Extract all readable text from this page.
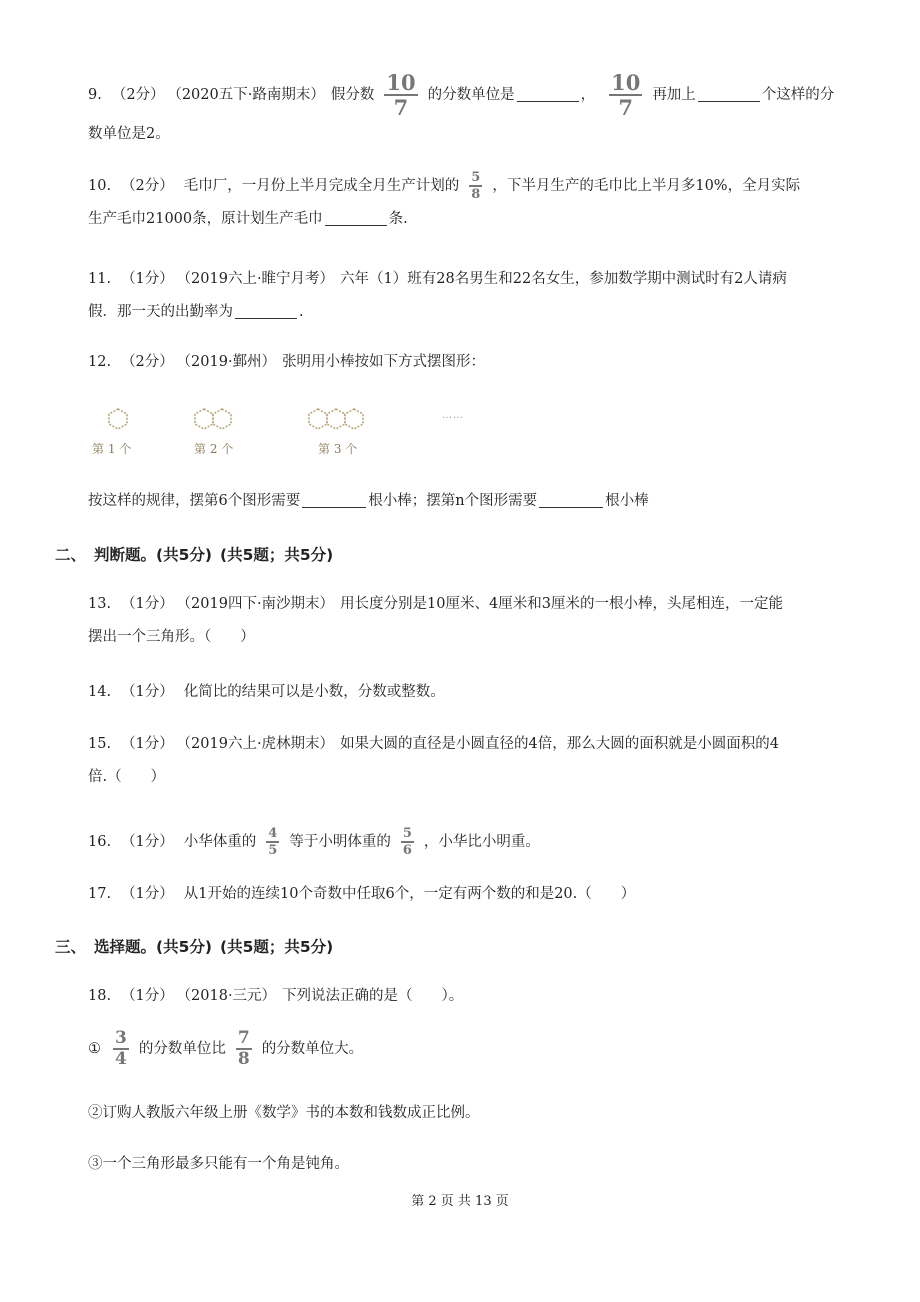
9. （2分） （2020五下·路南期末） 假分数 $\frac{10}{7}$ 的分数单位是	， $\frac{10}{7}$ 再加上	个这样的分

数单位是2。

10. （2分） 毛巾厂，一月份上半月完成全月生产计划的 $\frac{5}{8}$ ，下半月生产的毛巾比上半月多10%，全月实际

生产毛巾21000条，原计划生产毛巾	条.

11. （1分） （2019六上·睢宁月考） 六年（1）班有28名男生和22名女生，参加数学期中测试时有2人请病

假．那一天的出勤率为	.

12. （2分） （2019·鄞州） 张明用小棒按如下方式摆图形：

第 1 个	第 2 个	第 3 个
……

按这样的规律，摆第6个图形需要	根小棒；摆第n个图形需要	根小棒

二、 判断题。(共5分) (共5题；共5分)

13. （1分） （2019四下·南沙期末） 用长度分别是10厘米、4厘米和3厘米的一根小棒，头尾相连，一定能

摆出一个三角形。（　　）

14. （1分） 化简比的结果可以是小数，分数或整数。

15. （1分） （2019六上·虎林期末） 如果大圆的直径是小圆直径的4倍，那么大圆的面积就是小圆面积的4

倍.（　　）

16. （1分） 小华体重的 $\frac{4}{5}$ 等于小明体重的 $\frac{5}{6}$ ，小华比小明重。

17. （1分） 从1开始的连续10个奇数中任取6个，一定有两个数的和是20.（　　）

三、 选择题。(共5分) (共5题；共5分)

18. （1分） （2018·三元） 下列说法正确的是（　　）。

① $\frac{3}{4}$ 的分数单位比 $\frac{7}{8}$ 的分数单位大。
②订购人教版六年级上册《数学》书的本数和钱数成正比例。
③一个三角形最多只能有一个角是钝角。
第 2 页 共 13 页
